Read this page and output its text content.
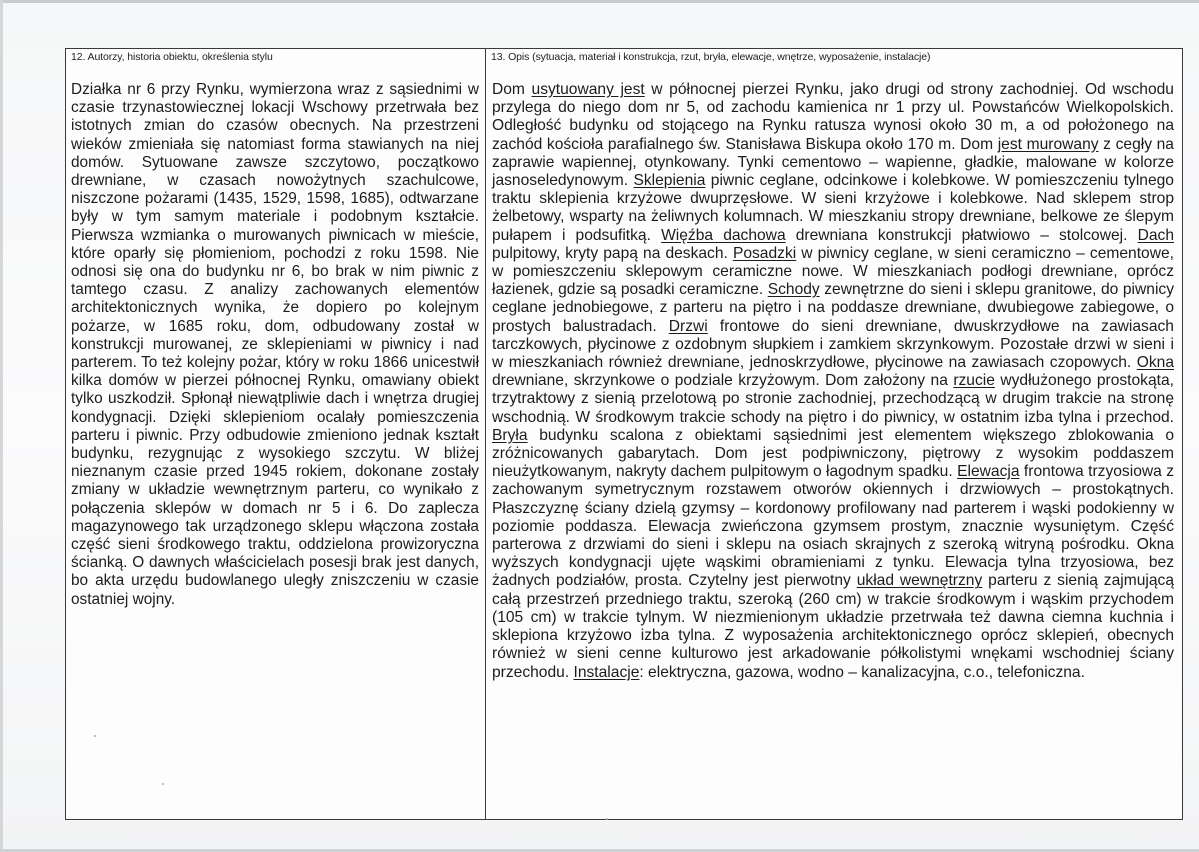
12. Autorzy, historia obiektu, określenia stylu
Działka nr 6 przy Rynku, wymierzona wraz z sąsiednimi w czasie trzynastowiecznej lokacji Wschowy przetrwała bez istotnych zmian do czasów obecnych. Na przestrzeni wieków zmieniała się natomiast forma stawianych na niej domów. Sytuowane zawsze szczytowo, początkowo drewniane, w czasach nowożytnych szachulcowe, niszczone pożarami (1435, 1529, 1598, 1685), odtwarzane były w tym samym materiale i podobnym kształcie. Pierwsza wzmianka o murowanych piwnicach w mieście, które oparły się płomieniom, pochodzi z roku 1598. Nie odnosi się ona do budynku nr 6, bo brak w nim piwnic z tamtego czasu. Z analizy zachowanych elementów architektonicznych wynika, że dopiero po kolejnym pożarze, w 1685 roku, dom, odbudowany został w konstrukcji murowanej, ze sklepieniami w piwnicy i nad parterem. To też kolejny pożar, który w roku 1866 unicestwił kilka domów w pierzei północnej Rynku, omawiany obiekt tylko uszkodził. Spłonął niewątpliwie dach i wnętrza drugiej kondygnacji. Dzięki sklepieniom ocalały pomieszczenia parteru i piwnic. Przy odbudowie zmieniono jednak kształt budynku, rezygnując z wysokiego szczytu. W bliżej nieznanym czasie przed 1945 rokiem, dokonane zostały zmiany w układzie wewnętrznym parteru, co wynikało z połączenia sklepów w domach nr 5 i 6. Do zaplecza magazynowego tak urządzonego sklepu włączona została część sieni środkowego traktu, oddzielona prowizoryczna ścianką. O dawnych właścicielach posesji brak jest danych, bo akta urzędu budowlanego uległy zniszczeniu w czasie ostatniej wojny.
13. Opis (sytuacja, materiał i konstrukcja, rzut, bryła, elewacje, wnętrze, wyposażenie, instalacje)
Dom usytuowany jest w północnej pierzei Rynku, jako drugi od strony zachodniej. Od wschodu przylega do niego dom nr 5, od zachodu kamienica nr 1 przy ul. Powstańców Wielkopolskich. Odległość budynku od stojącego na Rynku ratusza wynosi około 30 m, a od położonego na zachód kościoła parafialnego św. Stanisława Biskupa około 170 m. Dom jest murowany z cegły na zaprawie wapiennej, otynkowany. Tynki cementowo – wapienne, gładkie, malowane w kolorze jasnoseledynowym. Sklepienia piwnic ceglane, odcinkowe i kolebkowe. W pomieszczeniu tylnego traktu sklepienia krzyżowe dwuprzęsłowe. W sieni krzyżowe i kolebkowe. Nad sklepem strop żelbetowy, wsparty na żeliwnych kolumnach. W mieszkaniu stropy drewniane, belkowe ze ślepym pułapem i podsufitką. Więźba dachowa drewniana konstrukcji płatwiowo – stolcowej. Dach pulpitowy, kryty papą na deskach. Posadzki w piwnicy ceglane, w sieni ceramiczno – cementowe, w pomieszczeniu sklepowym ceramiczne nowe. W mieszkaniach podłogi drewniane, oprócz łazienek, gdzie są posadki ceramiczne. Schody zewnętrzne do sieni i sklepu granitowe, do piwnicy ceglane jednobiegowe, z parteru na piętro i na poddasze drewniane, dwubiegowe zabiegowe, o prostych balustradach. Drzwi frontowe do sieni drewniane, dwuskrzydłowe na zawiasach tarczkowych, płycinowe z ozdobnym słupkiem i zamkiem skrzynkowym. Pozostałe drzwi w sieni i w mieszkaniach również drewniane, jednoskrzydłowe, płycinowe na zawiasach czopowych. Okna drewniane, skrzynkowe o podziale krzyżowym. Dom założony na rzucie wydłużonego prostokąta, trzytraktowy z sienią przelotową po stronie zachodniej, przechodzącą w drugim trakcie na stronę wschodnią. W środkowym trakcie schody na piętro i do piwnicy, w ostatnim izba tylna i przechod. Bryła budynku scalona z obiektami sąsiednimi jest elementem większego zblokowania o zróżnicowanych gabarytach. Dom jest podpiwniczony, piętrowy z wysokim poddaszem nieużytkowanym, nakryty dachem pulpitowym o łagodnym spadku. Elewacja frontowa trzyosiowa z zachowanym symetrycznym rozstawem otworów okiennych i drzwiowych – prostokątnych. Płaszczyznę ściany dzielą gzymsy – kordonowy profilowany nad parterem i wąski podokienny w poziomie poddasza. Elewacja zwieńczona gzymsem prostym, znacznie wysuniętym. Część parterowa z drzwiami do sieni i sklepu na osiach skrajnych z szeroką witryną pośrodku. Okna wyższych kondygnacji ujęte wąskimi obramieniami z tynku. Elewacja tylna trzyosiowa, bez żadnych podziałów, prosta. Czytelny jest pierwotny układ wewnętrzny parteru z sienią zajmującą całą przestrzeń przedniego traktu, szeroką (260 cm) w trakcie środkowym i wąskim przychodem (105 cm) w trakcie tylnym. W niezmienionym układzie przetrwała też dawna ciemna kuchnia i sklepiona krzyżowo izba tylna. Z wyposażenia architektonicznego oprócz sklepień, obecnych również w sieni cenne kulturowo jest arkadowanie półkolistymi wnękami wschodniej ściany przechodu. Instalacje: elektryczna, gazowa, wodno – kanalizacyjna, c.o., telefoniczna.
